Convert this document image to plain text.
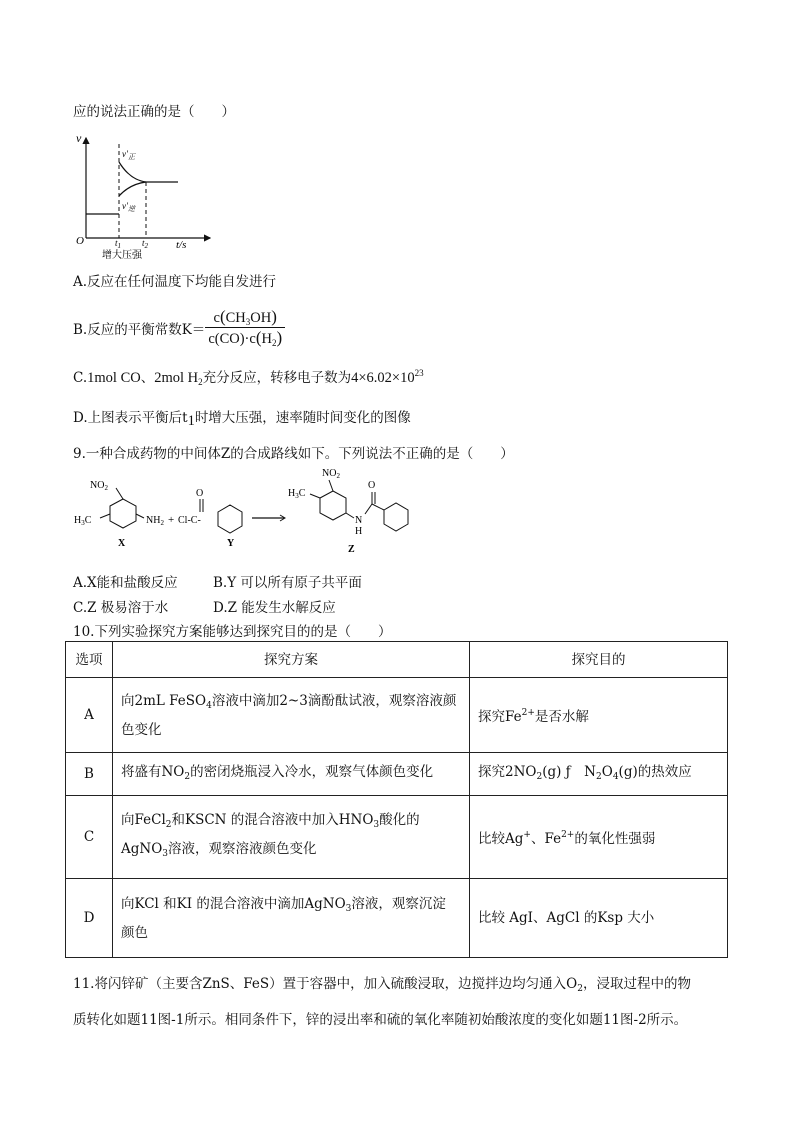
应的说法正确的是（　　）
v
O	t/s
$v'_正$
$v'_逆$
$t_1$ $t_2$
增大压强
A.反应在任何温度下均能自发进行
B.反应的平衡常数$K= \frac{c(CH_3OH)}{c(CO)\cdot c(H_2)}$
C.1mol CO、2mol $H_2$充分反应，转移电子数为$4\times 6.02\times 10^{23}$
D.上图表示平衡后$t_1$时增大压强，速率随时间变化的图像
9.一种合成药物的中间体Z的合成路线如下。下列说法不正确的是（　　）
$NO_2$
$H_3C$	$NH_2$
X
+ Cl-C-
O
Y
$NO_2$
$H_3C$
N
H
O
Z
A.X能和盐酸反应	B.Y 可以所有原子共平面
C.Z 极易溶于水	D.Z 能发生水解反应
10.下列实验探究方案能够达到探究目的的是（　　）
选项	探究方案	探究目的
A	向2mL FeSO$_4$溶液中滴加2~3滴酚酞试液，观察溶液颜
色变化	探究$Fe^{2+}$是否水解
B	将盛有$NO_2$的密闭烧瓶浸入冷水，观察气体颜色变化	探究$2NO_2(g)$ ƒ　$N_2O_4(g)$的热效应
C	向FeCl$_2$和KSCN 的混合溶液中加入$HNO_3$酸化的
AgNO$_3$溶液，观察溶液颜色变化	比较Ag+、$Fe^{2+}$的氧化性强弱
D	向KCl 和KI 的混合溶液中滴加AgNO$_3$溶液，观察沉淀
颜色	比较 AgI、AgCl 的Ksp 大小
11.将闪锌矿（主要含ZnS、FeS）置于容器中，加入硫酸浸取，边搅拌边均匀通入$O_2$，浸取过程中的物
质转化如题11图-1所示。相同条件下，锌的浸出率和硫的氧化率随初始酸浓度的变化如题11图-2所示。
